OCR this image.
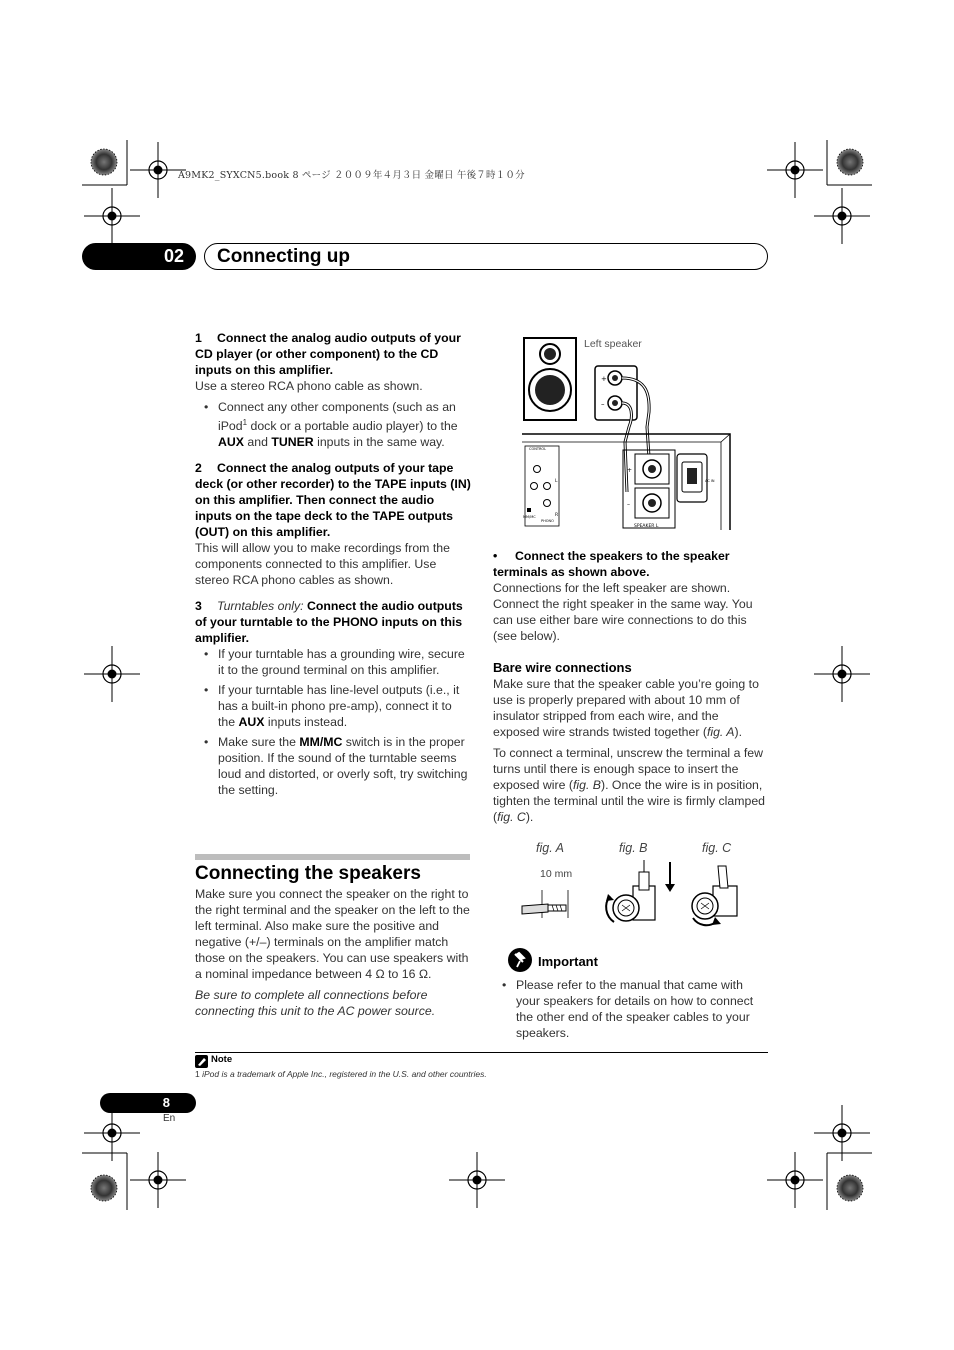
A9MK2_SYXCN5.book 8 ページ ２００９年４月３日 金曜日 午後７時１０分
02	Connecting up

1 Connect the analog audio outputs of your CD player (or other component) to the CD inputs on this amplifier.

Use a stereo RCA phono cable as shown.

• Connect any other components (such as an iPod$^1$ dock or a portable audio player) to the AUX and TUNER inputs in the same way.

2 Connect the analog outputs of your tape deck (or other recorder) to the TAPE inputs (IN) on this amplifier. Then connect the audio inputs on the tape deck to the TAPE outputs (OUT) on this amplifier.

This will allow you to make recordings from the components connected to this amplifier. Use stereo RCA phono cables as shown.

3 Turntables only: Connect the audio outputs of your turntable to the PHONO inputs on this amplifier.

• If your turntable has a grounding wire, secure it to the ground terminal on this amplifier.
• If your turntable has line-level outputs (i.e., it has a built-in phono pre-amp), connect it to the AUX inputs instead.
• Make sure the MM/MC switch is in the proper position. If the sound of the turntable seems loud and distorted, or overly soft, try switching the setting.

Connecting the speakers

Make sure you connect the speaker on the right to the right terminal and the speaker on the left to the left terminal. Also make sure the positive and negative (+/–) terminals on the amplifier match those on the speakers. You can use speakers with a nominal impedance between 4 Ω to 16 Ω.

Be sure to complete all connections before connecting this unit to the AC power source.

+
–
CONTROL
MM/MC
PHONO
R
L
+
–
SPEAKER L
AC IN
Left speaker

• Connect the speakers to the speaker terminals as shown above.

Connections for the left speaker are shown. Connect the right speaker in the same way. You can use either bare wire connections to do this (see below).

Bare wire connections

Make sure that the speaker cable you’re going to use is properly prepared with about 10 mm of insulator stripped from each wire, and the exposed wire strands twisted together (fig. A).

To connect a terminal, unscrew the terminal a few turns until there is enough space to insert the exposed wire (fig. B). Once the wire is in position, tighten the terminal until the wire is firmly clamped (fig. C).

fig. A	fig. B	fig. C
10 mm
Important
• Please refer to the manual that came with your speakers for details on how to connect the other end of the speaker cables to your speakers.
Note
1 iPod is a trademark of Apple Inc., registered in the U.S. and other countries.
8
En
